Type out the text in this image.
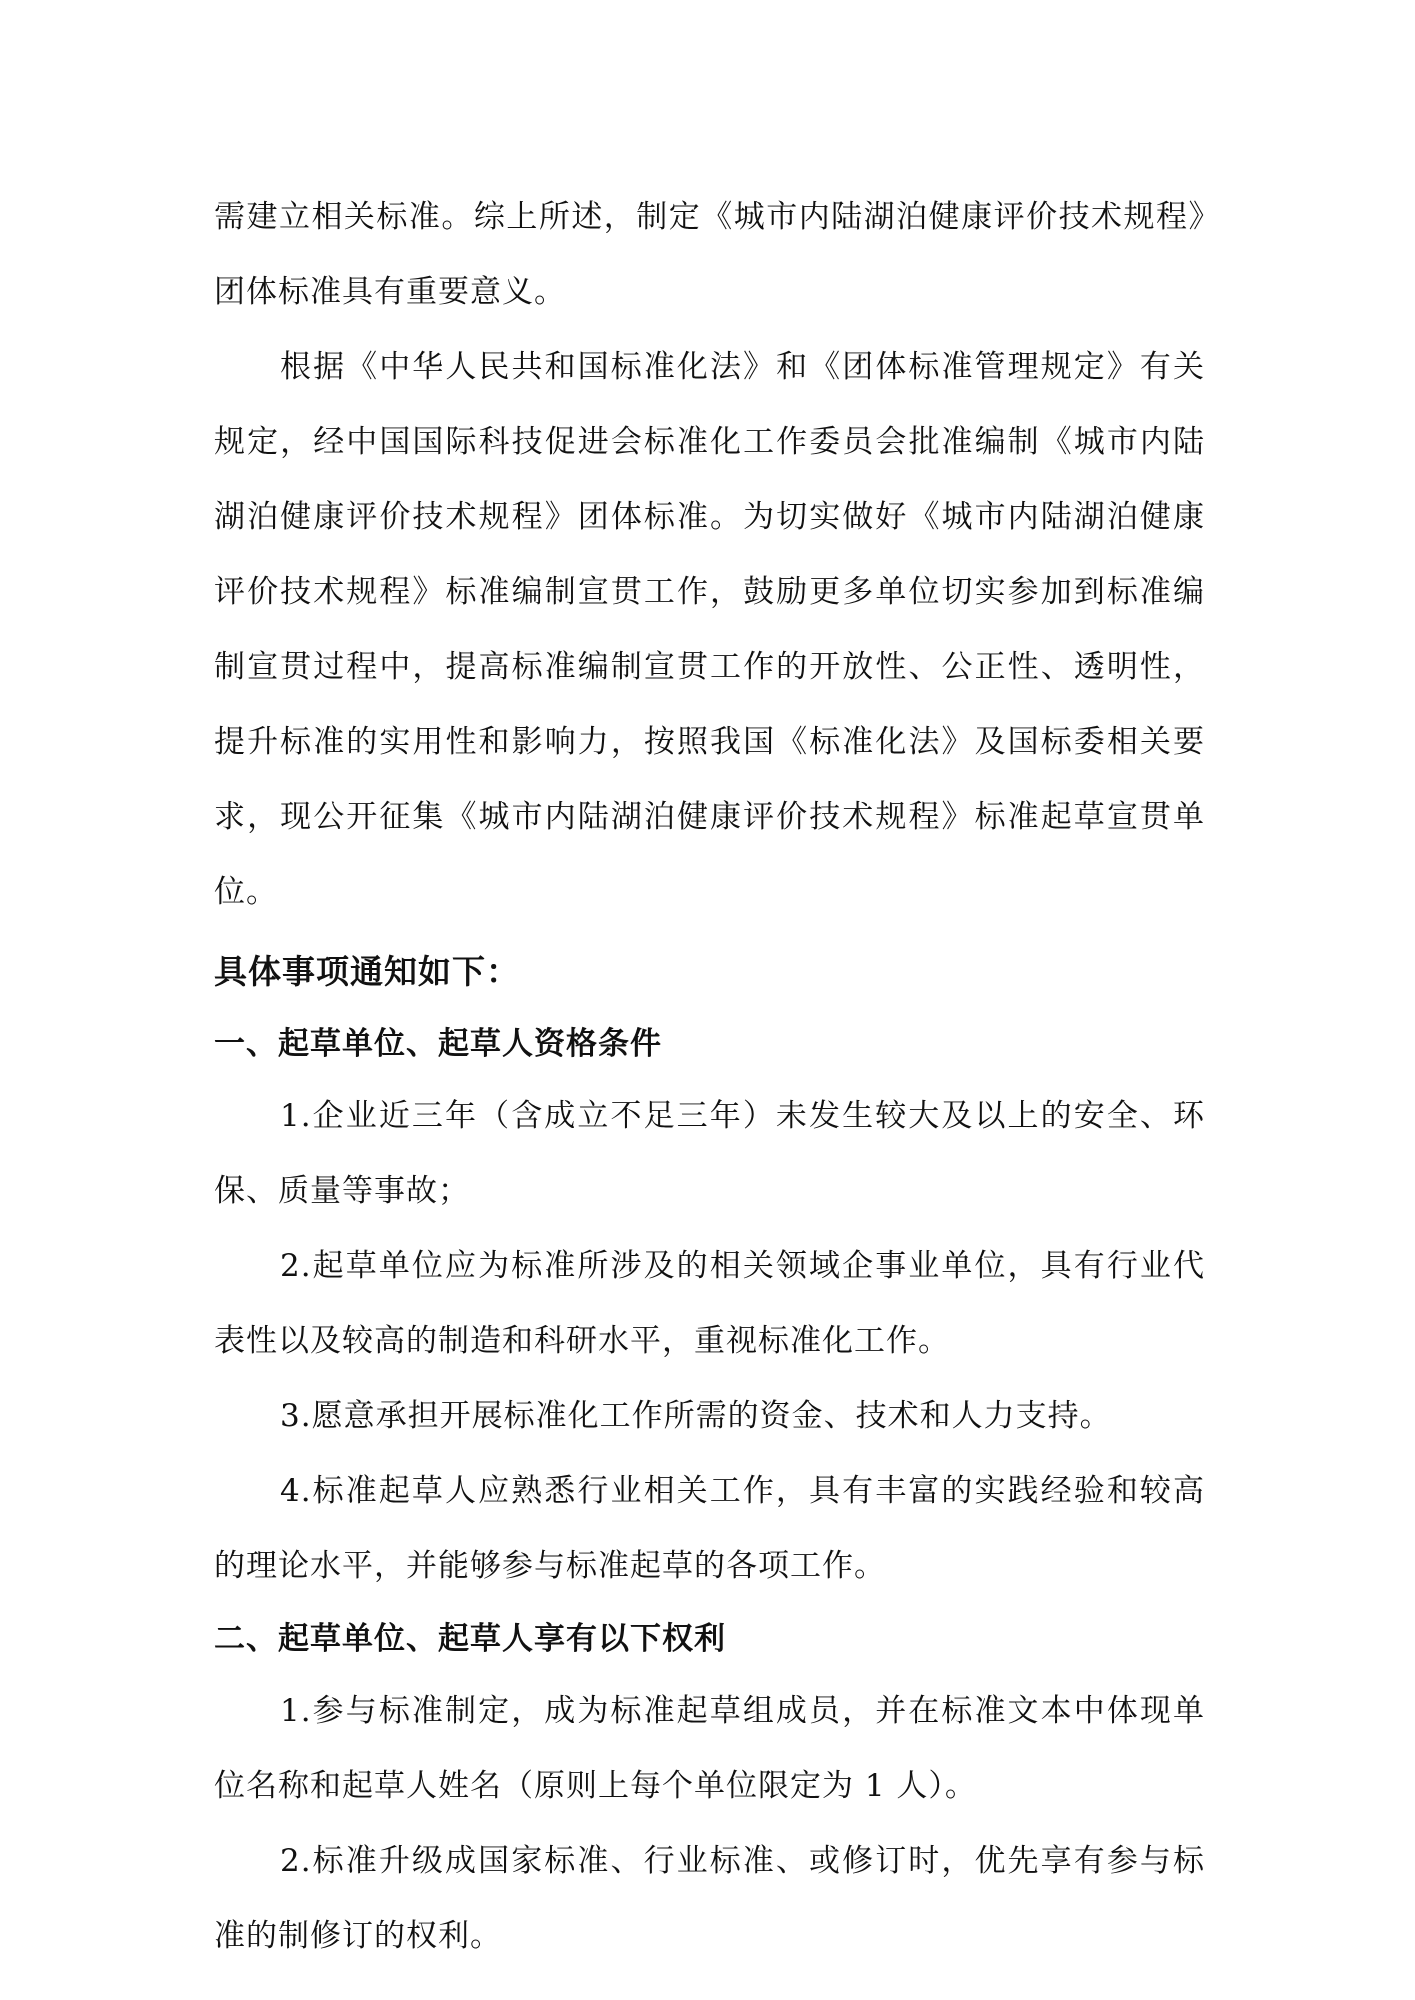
需建立相关标准。综上所述，制定《城市内陆湖泊健康评价技术规程》团体标准具有重要意义。

根据《中华人民共和国标准化法》和《团体标准管理规定》有关规定，经中国国际科技促进会标准化工作委员会批准编制《城市内陆湖泊健康评价技术规程》团体标准。为切实做好《城市内陆湖泊健康评价技术规程》标准编制宣贯工作，鼓励更多单位切实参加到标准编制宣贯过程中，提高标准编制宣贯工作的开放性、公正性、透明性，提升标准的实用性和影响力，按照我国《标准化法》及国标委相关要求，现公开征集《城市内陆湖泊健康评价技术规程》标准起草宣贯单位。

具体事项通知如下：
一、起草单位、起草人资格条件

1.企业近三年（含成立不足三年）未发生较大及以上的安全、环保、质量等事故；

2.起草单位应为标准所涉及的相关领域企事业单位，具有行业代表性以及较高的制造和科研水平，重视标准化工作。

3.愿意承担开展标准化工作所需的资金、技术和人力支持。

4.标准起草人应熟悉行业相关工作，具有丰富的实践经验和较高的理论水平，并能够参与标准起草的各项工作。

二、起草单位、起草人享有以下权利

1.参与标准制定，成为标准起草组成员，并在标准文本中体现单位名称和起草人姓名（原则上每个单位限定为 1 人）。

2.标准升级成国家标准、行业标准、或修订时，优先享有参与标准的制修订的权利。
